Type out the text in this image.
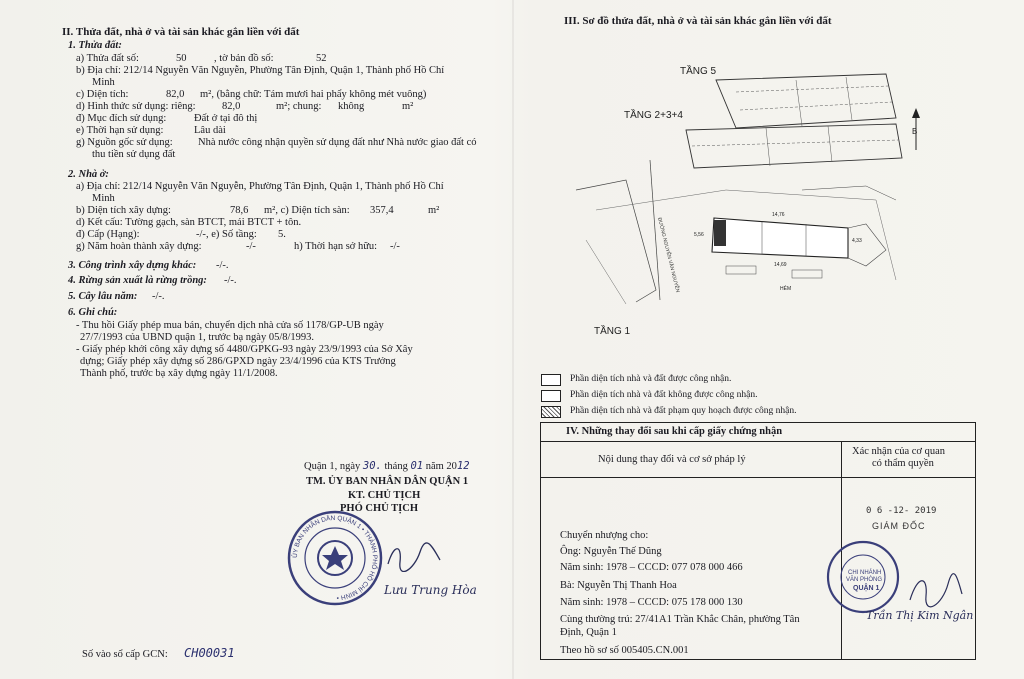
II. Thửa đất, nhà ở và tài sản khác gắn liền với đất
1. Thửa đất:
a) Thửa đất số:	50	, tờ bản đồ số:	52
b) Địa chỉ: 212/14 Nguyễn Văn Nguyễn, Phường Tân Định, Quận 1, Thành phố Hồ Chí
Minh
c) Diện tích:	82,0 m², (bằng chữ: Tám mươi hai phẩy không mét vuông)
d) Hình thức sử dụng: riêng:	82,0	m²; chung: không	m²
đ) Mục đích sử dụng:	Đất ở tại đô thị
e) Thời hạn sử dụng:	Lâu dài
g) Nguồn gốc sử dụng: Nhà nước công nhận quyền sử dụng đất như Nhà nước giao đất có
thu tiền sử dụng đất
2. Nhà ở:
a) Địa chỉ: 212/14 Nguyễn Văn Nguyễn, Phường Tân Định, Quận 1, Thành phố Hồ Chí
Minh
b) Diện tích xây dựng:	78,6 m², c) Diện tích sàn: 357,4	m²
d) Kết cấu: Tường gạch, sàn BTCT, mái BTCT + tôn.
đ) Cấp (Hạng):	-/- , e) Số tầng: 5.
g) Năm hoàn thành xây dựng:	-/-	h) Thời hạn sở hữu: -/-
3. Công trình xây dựng khác: -/-.
4. Rừng sản xuất là rừng trồng: -/-.
5. Cây lâu năm: -/-.
6. Ghi chú:
- Thu hồi Giấy phép mua bán, chuyển dịch nhà cửa số 1178/GP-UB ngày
27/7/1993 của UBND quận 1, trước bạ ngày 05/8/1993.
- Giấy phép khởi công xây dựng số 4480/GPKG-93 ngày 23/9/1993 của Sở Xây
dựng; Giấy phép xây dựng số 286/GPXD ngày 23/4/1996 của KTS Trưởng
Thành phố, trước bạ xây dựng ngày 11/1/2008.
Quận 1, ngày 30. tháng 01 năm 2012
TM. ỦY BAN NHÂN DÂN QUẬN 1
KT. CHỦ TỊCH
PHÓ CHỦ TỊCH
ỦY BAN NHÂN DÂN QUẬN 1 • THÀNH PHỐ HỒ CHÍ MINH •
Lưu Trung Hòa
Số vào sổ cấp GCN: CH00031
III. Sơ đồ thửa đất, nhà ở và tài sản khác gắn liền với đất
TẦNG 5
TẦNG 2+3+4
B
ĐƯỜNG NGUYỄN VĂN NGUYỄN
14,76
4,33
14,69
5,56
HẺM
TẦNG 1
Phần diện tích nhà và đất được công nhận.
Phần diện tích nhà và đất không được công nhận.
Phần diện tích nhà và đất phạm quy hoạch được công nhận.
IV. Những thay đổi sau khi cấp giấy chứng nhận
Nội dung thay đổi và cơ sở pháp lý
Xác nhận của cơ quan
có thẩm quyền
Chuyển nhượng cho:
Ông: Nguyễn Thế Dũng
Năm sinh: 1978 – CCCD: 077 078 000 466
Bà: Nguyễn Thị Thanh Hoa
Năm sinh: 1978 – CCCD: 075 178 000 130
Cùng thường trú: 27/41A1 Trần Khắc Chân, phường Tân
Định, Quận 1
Theo hồ sơ số 005405.CN.001
0 6 -12- 2019
GIÁM ĐỐC
CHI NHÁNH
VĂN PHÒNG
QUẬN 1
Trần Thị Kim Ngân
